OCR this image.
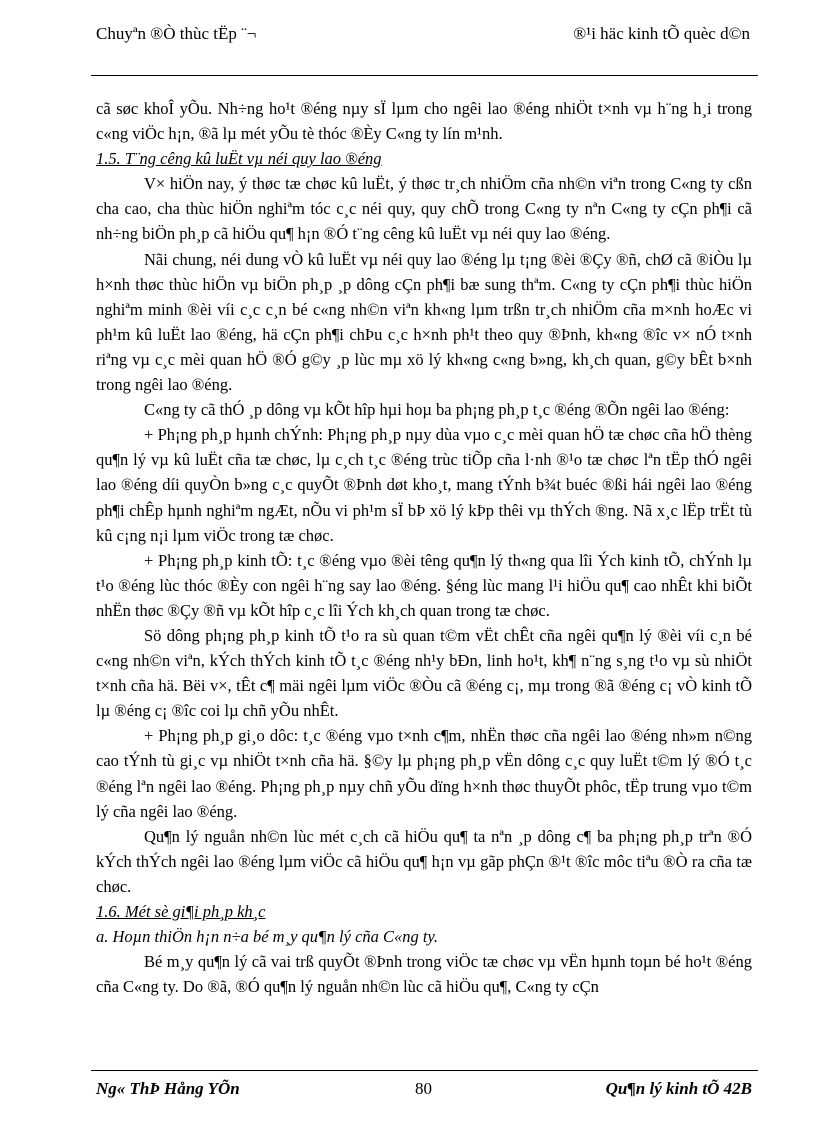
Chuyªn ®Ò thùc tËp ¨¬	®¹i häc kinh tÕ quèc d©n

cã søc khoÎ yÕu. Nh÷ng ho¹t ®éng nµy sÏ lµm cho ngêi lao ®éng nhiÖt t×nh vµ h¨ng h¸i trong c«ng viÖc h¡n, ®ã lµ mét yÕu tè thóc ®Èy C«ng ty lín m¹nh.

1.5. T¨ng cêng kû luËt vµ néi quy lao ®éng

V× hiÖn nay, ý thøc tæ chøc kû luËt, ý thøc tr¸ch nhiÖm cña nh©n viªn trong C«ng ty cßn cha cao, cha thùc hiÖn nghiªm tóc c¸c néi quy, quy chÕ trong C«ng ty nªn C«ng ty cÇn ph¶i cã nh÷ng biÖn ph¸p cã hiÖu qu¶ h¡n ®Ó t¨ng cêng kû luËt vµ néi quy lao ®éng.

Nãi chung, néi dung vÒ kû luËt vµ néi quy lao ®éng lµ t¡ng ®èi ®Çy ®ñ, chØ cã ®iÒu lµ h×nh thøc thùc hiÖn vµ biÖn ph¸p ¸p dông cÇn ph¶i bæ sung thªm. C«ng ty cÇn ph¶i thùc hiÖn nghiªm minh ®èi víi c¸c c¸n bé c«ng nh©n viªn kh«ng lµm trßn tr¸ch nhiÖm cña m×nh hoÆc vi ph¹m kû luËt lao ®éng, hä cÇn ph¶i chÞu c¸c h×nh ph¹t theo quy ®Þnh, kh«ng ®îc v× nÓ t×nh riªng vµ c¸c mèi quan hÖ ®Ó g©y ¸p lùc mµ xö lý kh«ng c«ng b»ng, kh¸ch quan, g©y bÊt b×nh trong ngêi lao ®éng.

C«ng ty cã thÓ ¸p dông vµ kÕt hîp hµi hoµ ba ph¡ng ph¸p t¸c ®éng ®Õn ngêi lao ®éng:

+ Ph¡ng ph¸p hµnh chÝnh: Ph¡ng ph¸p nµy dùa vµo c¸c mèi quan hÖ tæ chøc cña hÖ thèng qu¶n lý vµ kû luËt cña tæ chøc, lµ c¸ch t¸c ®éng trùc tiÕp cña l·nh ®¹o tæ chøc lªn tËp thÓ ngêi lao ®éng díi quyÒn b»ng c¸c quyÕt ®Þnh døt kho¸t, mang tÝnh b¾t buéc ®ßi hái ngêi lao ®éng ph¶i chÊp hµnh nghiªm ngÆt, nÕu vi ph¹m sÏ bÞ xö lý kÞp thêi vµ thÝch ®ng. Nã x¸c lËp trËt tù kû c¡ng n¡i lµm viÖc trong tæ chøc.

+ Ph¡ng ph¸p kinh tÕ: t¸c ®éng vµo ®èi têng qu¶n lý th«ng qua lîi Ých kinh tÕ, chÝnh lµ t¹o ®éng lùc thóc ®Èy con ngêi h¨ng say lao ®éng. §éng lùc mang l¹i hiÖu qu¶ cao nhÊt khi biÕt nhËn thøc ®Çy ®ñ vµ kÕt hîp c¸c lîi Ých kh¸ch quan trong tæ chøc.

Sö dông ph¡ng ph¸p kinh tÕ t¹o ra sù quan t©m vËt chÊt cña ngêi qu¶n lý ®èi víi c¸n bé c«ng nh©n viªn, kÝch thÝch kinh tÕ t¸c ®éng nh¹y bÐn, linh ho¹t, kh¶ n¨ng s¸ng t¹o vµ sù nhiÖt t×nh cña hä. Bëi v×, tÊt c¶ mäi ngêi lµm viÖc ®Òu cã ®éng c¡, mµ trong ®ã ®éng c¡ vÒ kinh tÕ lµ ®éng c¡ ®îc coi lµ chñ yÕu nhÊt.

+ Ph¡ng ph¸p gi¸o dôc: t¸c ®éng vµo t×nh c¶m, nhËn thøc cña ngêi lao ®éng nh»m n©ng cao tÝnh tù gi¸c vµ nhiÖt t×nh cña hä. §©y lµ ph¡ng ph¸p vËn dông c¸c quy luËt t©m lý ®Ó t¸c ®éng lªn ngêi lao ®éng. Ph¡ng ph¸p nµy chñ yÕu dïng h×nh thøc thuyÕt phôc, tËp trung vµo t©m lý cña ngêi lao ®éng.

Qu¶n lý nguån nh©n lùc mét c¸ch cã hiÖu qu¶ ta nªn ¸p dông c¶ ba ph¡ng ph¸p trªn ®Ó kÝch thÝch ngêi lao ®éng lµm viÖc cã hiÖu qu¶ h¡n vµ gãp phÇn ®¹t ®îc môc tiªu ®Ò ra cña tæ chøc.

1.6. Mét sè gi¶i ph¸p kh¸c

a. Hoµn thiÖn h¡n n÷a bé m¸y qu¶n lý cña C«ng ty.

Bé m¸y qu¶n lý cã vai trß quyÕt ®Þnh trong viÖc tæ chøc vµ vËn hµnh toµn bé ho¹t ®éng cña C«ng ty. Do ®ã, ®Ó qu¶n lý nguån nh©n lùc cã hiÖu qu¶, C«ng ty cÇn

Ng« ThÞ Hång YÕn	80	Qu¶n lý kinh tÕ 42B
